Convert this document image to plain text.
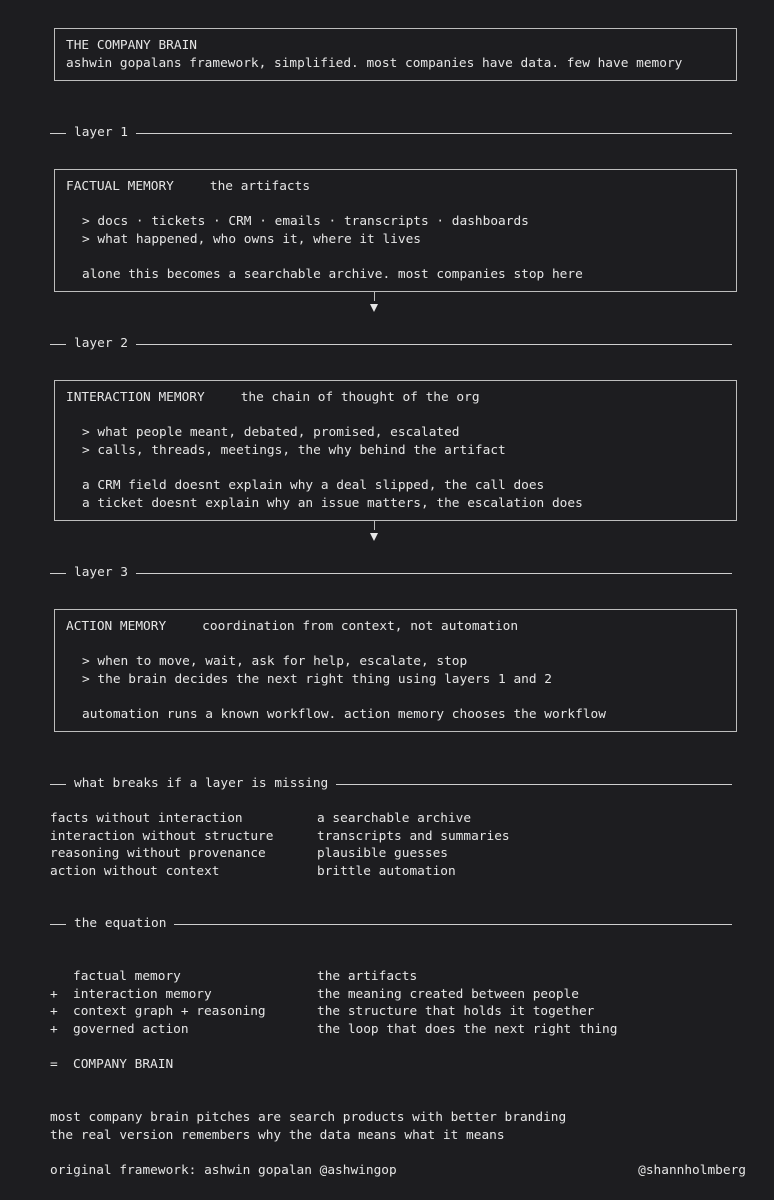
THE COMPANY BRAIN
ashwin gopalans framework, simplified. most companies have data. few have memory
layer 1
FACTUAL MEMORY	the artifacts
> docs · tickets · CRM · emails · transcripts · dashboards
> what happened, who owns it, where it lives
alone this becomes a searchable archive. most companies stop here
layer 2
INTERACTION MEMORY	the chain of thought of the org
> what people meant, debated, promised, escalated
> calls, threads, meetings, the why behind the artifact
a CRM field doesnt explain why a deal slipped, the call does
a ticket doesnt explain why an issue matters, the escalation does
layer 3
ACTION MEMORY	coordination from context, not automation
> when to move, wait, ask for help, escalate, stop
> the brain decides the next right thing using layers 1 and 2
automation runs a known workflow. action memory chooses the workflow
what breaks if a layer is missing
facts without interaction	a searchable archive
interaction without structure	transcripts and summaries
reasoning without provenance	plausible guesses
action without context	brittle automation
the equation
factual memory	the artifacts
+ interaction memory	the meaning created between people
+ context graph + reasoning	the structure that holds it together
+ governed action	the loop that does the next right thing
= COMPANY BRAIN
most company brain pitches are search products with better branding
the real version remembers why the data means what it means
original framework: ashwin gopalan @ashwingop	@shannholmberg
